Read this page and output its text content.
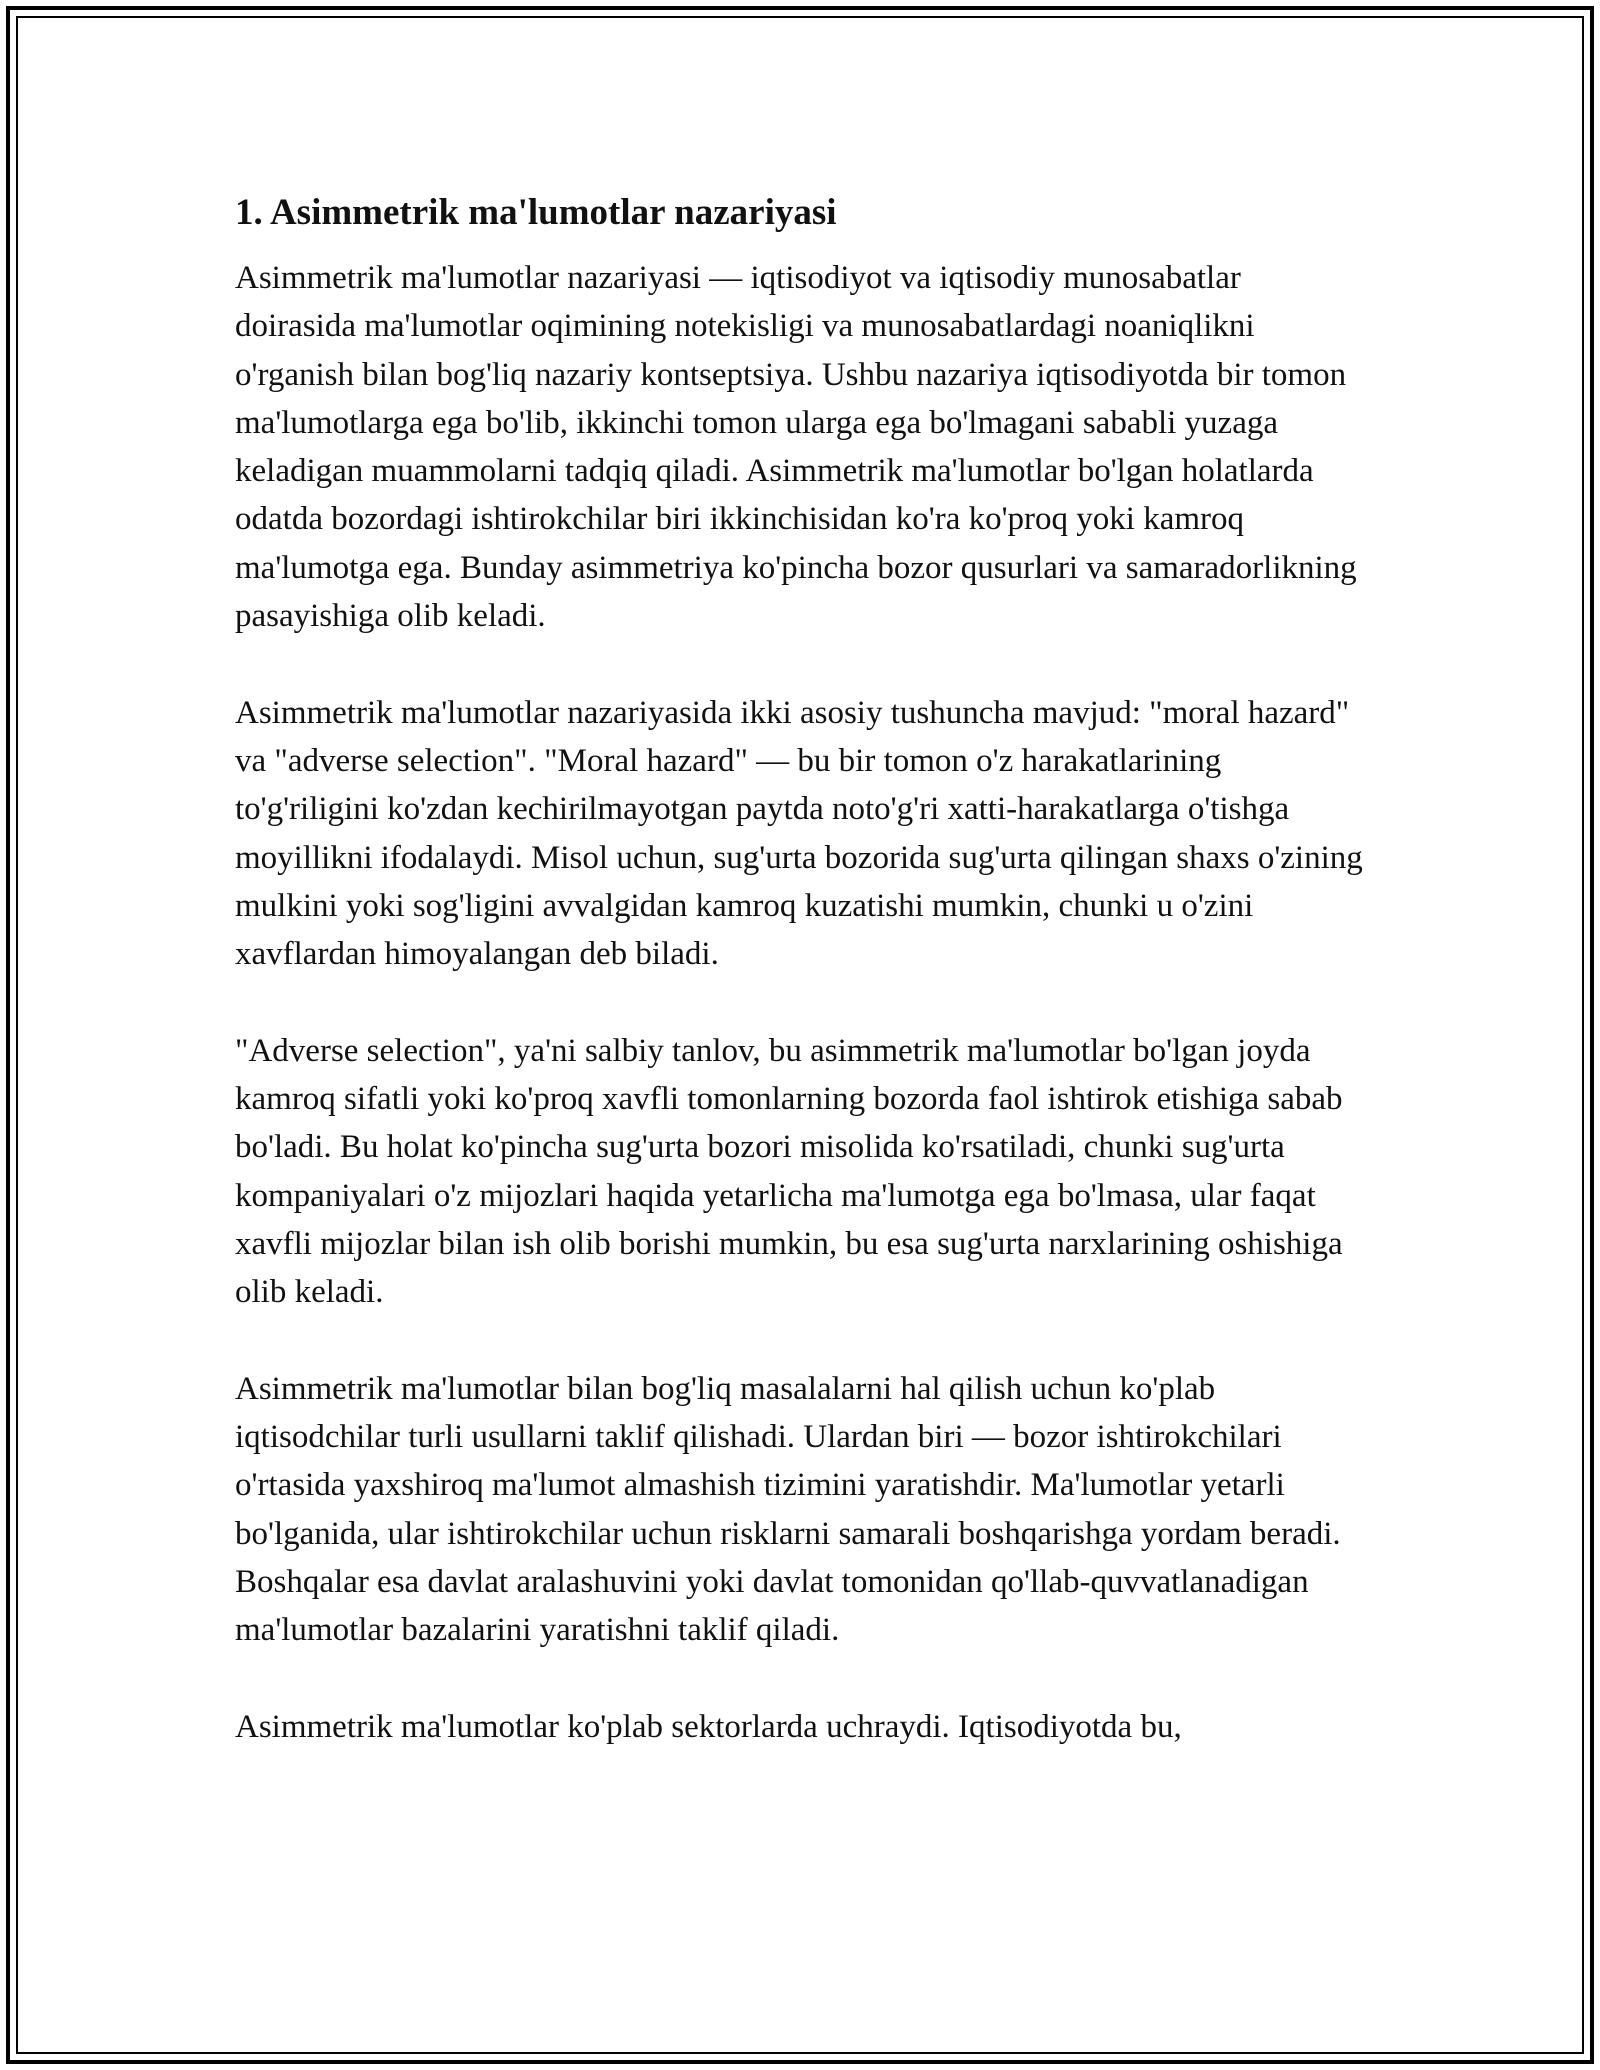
1. Asimmetrik ma'lumotlar nazariyasi

Asimmetrik ma'lumotlar nazariyasi — iqtisodiyot va iqtisodiy munosabatlar doirasida ma'lumotlar oqimining notekisligi va munosabatlardagi noaniqlikni o'rganish bilan bog'liq nazariy kontseptsiya. Ushbu nazariya iqtisodiyotda bir tomon ma'lumotlarga ega bo'lib, ikkinchi tomon ularga ega bo'lmagani sababli yuzaga keladigan muammolarni tadqiq qiladi. Asimmetrik ma'lumotlar bo'lgan holatlarda odatda bozordagi ishtirokchilar biri ikkinchisidan ko'ra ko'proq yoki kamroq ma'lumotga ega. Bunday asimmetriya ko'pincha bozor qusurlari va samaradorlikning pasayishiga olib keladi.

Asimmetrik ma'lumotlar nazariyasida ikki asosiy tushuncha mavjud: "moral hazard" va "adverse selection". "Moral hazard" — bu bir tomon o'z harakatlarining to'g'riligini ko'zdan kechirilmayotgan paytda noto'g'ri xatti-harakatlarga o'tishga moyillikni ifodalaydi. Misol uchun, sug'urta bozorida sug'urta qilingan shaxs o'zining mulkini yoki sog'ligini avvalgidan kamroq kuzatishi mumkin, chunki u o'zini xavflardan himoyalangan deb biladi.

"Adverse selection", ya'ni salbiy tanlov, bu asimmetrik ma'lumotlar bo'lgan joyda kamroq sifatli yoki ko'proq xavfli tomonlarning bozorda faol ishtirok etishiga sabab bo'ladi. Bu holat ko'pincha sug'urta bozori misolida ko'rsatiladi, chunki sug'urta kompaniyalari o'z mijozlari haqida yetarlicha ma'lumotga ega bo'lmasa, ular faqat xavfli mijozlar bilan ish olib borishi mumkin, bu esa sug'urta narxlarining oshishiga olib keladi.

Asimmetrik ma'lumotlar bilan bog'liq masalalarni hal qilish uchun ko'plab iqtisodchilar turli usullarni taklif qilishadi. Ulardan biri — bozor ishtirokchilari o'rtasida yaxshiroq ma'lumot almashish tizimini yaratishdir. Ma'lumotlar yetarli bo'lganida, ular ishtirokchilar uchun risklarni samarali boshqarishga yordam beradi. Boshqalar esa davlat aralashuvini yoki davlat tomonidan qo'llab-quvvatlanadigan ma'lumotlar bazalarini yaratishni taklif qiladi.

Asimmetrik ma'lumotlar ko'plab sektorlarda uchraydi. Iqtisodiyotda bu,
